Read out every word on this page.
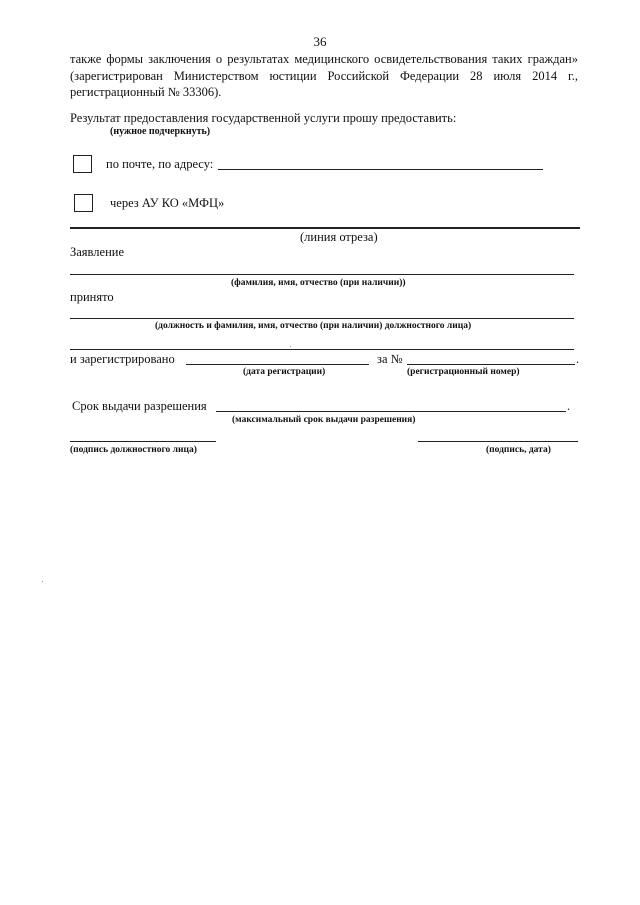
36
также формы заключения о результатах медицинского освидетельствования таких граждан» (зарегистрирован Министерством юстиции Российской Федерации 28 июля 2014 г., регистрационный № 33306).
Результат предоставления государственной услуги прошу предоставить:
(нужное подчеркнуть)
по почте, по адресу:
через АУ КО «МФЦ»
(линия отреза)
Заявление
(фамилия, имя, отчество (при наличии))
принято
(должность и фамилия, имя, отчество (при наличии) должностного лица)
и зарегистрировано	за №	.
(дата регистрации)	(регистрационный номер)
Срок выдачи разрешения	.
(максимальный срок выдачи разрешения)
(подпись должностного лица)	(подпись, дата)
